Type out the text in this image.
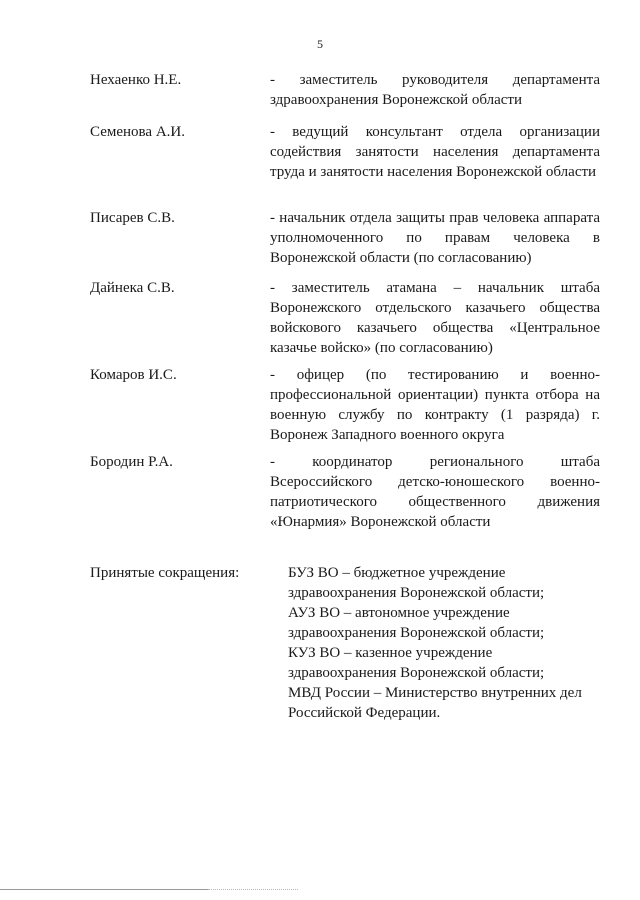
5
Нехаенко Н.Е.	- заместитель руководителя департамента здравоохранения Воронежской области
Семенова А.И.	- ведущий консультант отдела организации содействия занятости населения департамента труда и занятости населения Воронежской области
Писарев С.В.	- начальник отдела защиты прав человека аппарата уполномоченного по правам человека в Воронежской области (по согласованию)
Дайнека С.В.	- заместитель атамана – начальник штаба Воронежского отдельского казачьего общества войскового казачьего общества «Центральное казачье войско» (по согласованию)
Комаров И.С.	- офицер (по тестированию и военно-профессиональной ориентации) пункта отбора на военную службу по контракту (1 разряда) г. Воронеж Западного военного округа
Бородин Р.А.	- координатор регионального штаба Всероссийского детско-юношеского военно-патриотического общественного движения «Юнармия» Воронежской области
Принятые сокращения:	БУЗ ВО – бюджетное учреждение
здравоохранения Воронежской области;
АУЗ ВО – автономное учреждение
здравоохранения Воронежской области;
КУЗ ВО – казенное учреждение
здравоохранения Воронежской области;
МВД России – Министерство внутренних дел
Российской Федерации.
